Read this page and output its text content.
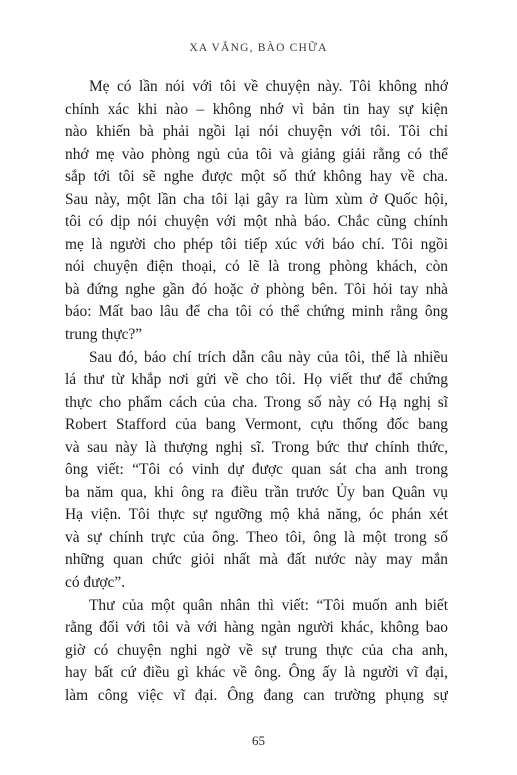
XA VẮNG, BÀO CHỮA
Mẹ có lần nói với tôi về chuyện này. Tôi không nhớ
chính xác khi nào – không nhớ vì bản tin hay sự kiện
nào khiến bà phải ngồi lại nói chuyện với tôi. Tôi chỉ
nhớ mẹ vào phòng ngủ của tôi và giảng giải rằng có thể
sắp tới tôi sẽ nghe được một số thứ không hay về cha.
Sau này, một lần cha tôi lại gây ra lùm xùm ở Quốc hội,
tôi có dịp nói chuyện với một nhà báo. Chắc cũng chính
mẹ là người cho phép tôi tiếp xúc với báo chí. Tôi ngồi
nói chuyện điện thoại, có lẽ là trong phòng khách, còn
bà đứng nghe gần đó hoặc ở phòng bên. Tôi hỏi tay nhà
báo: Mất bao lâu để cha tôi có thể chứng minh rằng ông
trung thực?”
Sau đó, báo chí trích dẫn câu này của tôi, thế là nhiều
lá thư từ khắp nơi gửi về cho tôi. Họ viết thư để chứng
thực cho phẩm cách của cha. Trong số này có Hạ nghị sĩ
Robert Stafford của bang Vermont, cựu thống đốc bang
và sau này là thượng nghị sĩ. Trong bức thư chính thức,
ông viết: “Tôi có vinh dự được quan sát cha anh trong
ba năm qua, khi ông ra điều trần trước Ủy ban Quân vụ
Hạ viện. Tôi thực sự ngưỡng mộ khả năng, óc phán xét
và sự chính trực của ông. Theo tôi, ông là một trong số
những quan chức giỏi nhất mà đất nước này may mắn
có được”.
Thư của một quân nhân thì viết: “Tôi muốn anh biết
rằng đối với tôi và với hàng ngàn người khác, không bao
giờ có chuyện nghi ngờ về sự trung thực của cha anh,
hay bất cứ điều gì khác về ông. Ông ấy là người vĩ đại,
làm công việc vĩ đại. Ông đang can trường phụng sự
65
